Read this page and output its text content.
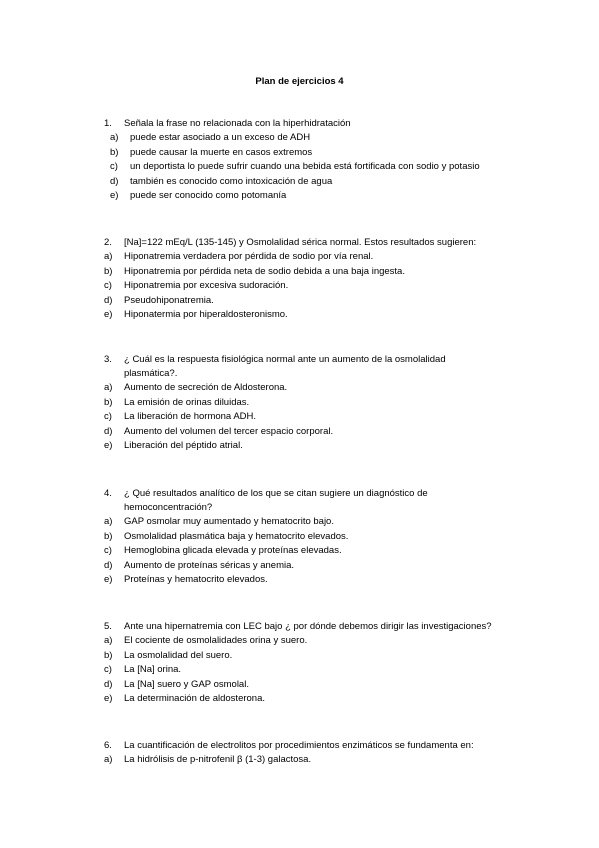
Plan de ejercicios 4
1.	Señala la frase no relacionada con la hiperhidratación
a)	puede estar asociado a un exceso de ADH
b)	puede causar la muerte en casos extremos
c)	un deportista lo puede sufrir cuando una bebida está fortificada con sodio y potasio
d)	también es conocido como intoxicación de agua
e)	puede ser conocido como potomanía
2.	[Na]=122 mEq/L (135-145) y Osmolalidad sérica normal. Estos resultados sugieren:
a)	Hiponatremia verdadera por pérdida de sodio por vía renal.
b)	Hiponatremia por pérdida neta de sodio debida a una baja ingesta.
c)	Hiponatremia por excesiva sudoración.
d)	Pseudohiponatremia.
e)	Hiponatermia por hiperaldosteronismo.
3.	¿ Cuál es la respuesta fisiológica normal ante un aumento de la osmolalidad plasmática?.
a)	Aumento de secreción de Aldosterona.
b)	La emisión de orinas diluidas.
c)	La liberación de hormona ADH.
d)	Aumento del volumen del tercer espacio corporal.
e)	Liberación del péptido atrial.
4.	¿ Qué resultados analítico de los que se citan sugiere un diagnóstico de hemoconcentración?
a)	GAP osmolar muy aumentado y hematocrito bajo.
b)	Osmolalidad plasmática baja y hematocrito elevados.
c)	Hemoglobina glicada elevada y proteínas elevadas.
d)	Aumento de proteínas séricas y anemia.
e)	Proteínas y hematocrito elevados.
5.	Ante una hipernatremia con LEC bajo ¿ por dónde debemos dirigir las investigaciones?
a)	El cociente de osmolalidades orina y suero.
b)	La osmolalidad del suero.
c)	La [Na] orina.
d)	La [Na] suero y GAP osmolal.
e)	La determinación de aldosterona.
6.	La cuantificación de electrolitos por procedimientos enzimáticos se fundamenta en:
a)	La hidrólisis de p-nitrofenil β (1-3) galactosa.
